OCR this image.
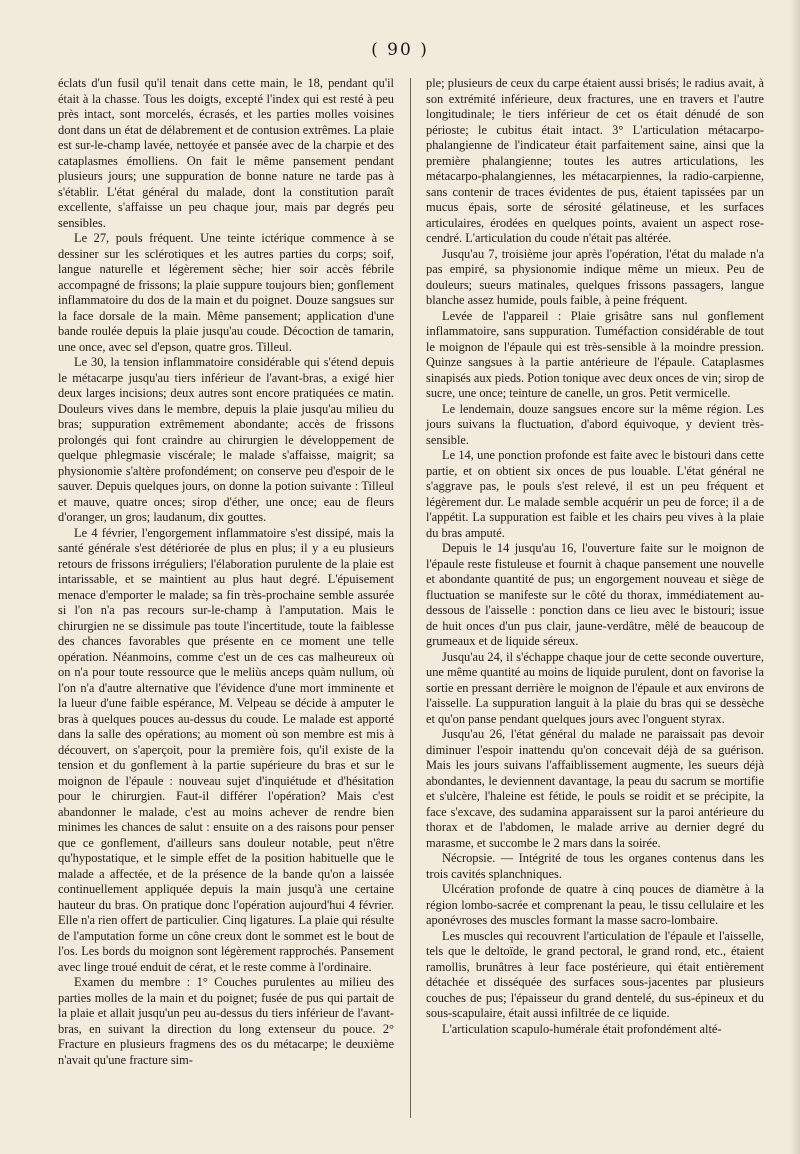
( 90 )

éclats d'un fusil qu'il tenait dans cette main, le 18, pendant qu'il était à la chasse. Tous les doigts, excepté l'index qui est resté à peu près intact, sont morcelés, écrasés, et les parties molles voisines dont dans un état de délabrement et de contusion extrêmes. La plaie est sur-le-champ lavée, nettoyée et pansée avec de la charpie et des cataplasmes émolliens. On fait le même pansement pendant plusieurs jours; une suppuration de bonne nature ne tarde pas à s'établir. L'état général du malade, dont la constitution paraît excellente, s'affaisse un peu chaque jour, mais par degrés peu sensibles.

Le 27, pouls fréquent. Une teinte ictérique commence à se dessiner sur les sclérotiques et les autres parties du corps; soif, langue naturelle et légèrement sèche; hier soir accès fébrile accompagné de frissons; la plaie suppure toujours bien; gonflement inflammatoire du dos de la main et du poignet. Douze sangsues sur la face dorsale de la main. Même pansement; application d'une bande roulée depuis la plaie jusqu'au coude. Décoction de tamarin, une once, avec sel d'epson, quatre gros. Tilleul.

Le 30, la tension inflammatoire considérable qui s'étend depuis le métacarpe jusqu'au tiers inférieur de l'avant-bras, a exigé hier deux larges incisions; deux autres sont encore pratiquées ce matin. Douleurs vives dans le membre, depuis la plaie jusqu'au milieu du bras; suppuration extrêmement abondante; accès de frissons prolongés qui font craindre au chirurgien le développement de quelque phlegmasie viscérale; le malade s'affaisse, maigrit; sa physionomie s'altère profondément; on conserve peu d'espoir de le sauver. Depuis quelques jours, on donne la potion suivante : Tilleul et mauve, quatre onces; sirop d'éther, une once; eau de fleurs d'oranger, un gros; laudanum, dix gouttes.

Le 4 février, l'engorgement inflammatoire s'est dissipé, mais la santé générale s'est détériorée de plus en plus; il y a eu plusieurs retours de frissons irréguliers; l'élaboration purulente de la plaie est intarissable, et se maintient au plus haut degré. L'épuisement menace d'emporter le malade; sa fin très-prochaine semble assurée si l'on n'a pas recours sur-le-champ à l'amputation. Mais le chirurgien ne se dissimule pas toute l'incertitude, toute la faiblesse des chances favorables que présente en ce moment une telle opération. Néanmoins, comme c'est un de ces cas malheureux où on n'a pour toute ressource que le meliùs anceps quàm nullum, où l'on n'a d'autre alternative que l'évidence d'une mort imminente et la lueur d'une faible espérance, M. Velpeau se décide à amputer le bras à quelques pouces au-dessus du coude. Le malade est apporté dans la salle des opérations; au moment où son membre est mis à découvert, on s'aperçoit, pour la première fois, qu'il existe de la tension et du gonflement à la partie supérieure du bras et sur le moignon de l'épaule : nouveau sujet d'inquiétude et d'hésitation pour le chirurgien. Faut-il différer l'opération? Mais c'est abandonner le malade, c'est au moins achever de rendre bien minimes les chances de salut : ensuite on a des raisons pour penser que ce gonflement, d'ailleurs sans douleur notable, peut n'être qu'hypostatique, et le simple effet de la position habituelle que le malade a affectée, et de la présence de la bande qu'on a laissée continuellement appliquée depuis la main jusqu'à une certaine hauteur du bras. On pratique donc l'opération aujourd'hui 4 février. Elle n'a rien offert de particulier. Cinq ligatures. La plaie qui résulte de l'amputation forme un cône creux dont le sommet est le bout de l'os. Les bords du moignon sont légèrement rapprochés. Pansement avec linge troué enduit de cérat, et le reste comme à l'ordinaire.

Examen du membre : 1° Couches purulentes au milieu des parties molles de la main et du poignet; fusée de pus qui partait de la plaie et allait jusqu'un peu au-dessus du tiers inférieur de l'avant-bras, en suivant la direction du long extenseur du pouce. 2° Fracture en plusieurs fragmens des os du métacarpe; le deuxième n'avait qu'une fracture sim-

ple; plusieurs de ceux du carpe étaient aussi brisés; le radius avait, à son extrémité inférieure, deux fractures, une en travers et l'autre longitudinale; le tiers inférieur de cet os était dénudé de son périoste; le cubitus était intact. 3° L'articulation métacarpo-phalangienne de l'indicateur était parfaitement saine, ainsi que la première phalangienne; toutes les autres articulations, les métacarpo-phalangiennes, les métacarpiennes, la radio-carpienne, sans contenir de traces évidentes de pus, étaient tapissées par un mucus épais, sorte de sérosité gélatineuse, et les surfaces articulaires, érodées en quelques points, avaient un aspect rose-cendré. L'articulation du coude n'était pas altérée.

Jusqu'au 7, troisième jour après l'opération, l'état du malade n'a pas empiré, sa physionomie indique même un mieux. Peu de douleurs; sueurs matinales, quelques frissons passagers, langue blanche assez humide, pouls faible, à peine fréquent.

Levée de l'appareil : Plaie grisâtre sans nul gonflement inflammatoire, sans suppuration. Tuméfaction considérable de tout le moignon de l'épaule qui est très-sensible à la moindre pression. Quinze sangsues à la partie antérieure de l'épaule. Cataplasmes sinapisés aux pieds. Potion tonique avec deux onces de vin; sirop de sucre, une once; teinture de canelle, un gros. Petit vermicelle.

Le lendemain, douze sangsues encore sur la même région. Les jours suivans la fluctuation, d'abord équivoque, y devient très-sensible.

Le 14, une ponction profonde est faite avec le bistouri dans cette partie, et on obtient six onces de pus louable. L'état général ne s'aggrave pas, le pouls s'est relevé, il est un peu fréquent et légèrement dur. Le malade semble acquérir un peu de force; il a de l'appétit. La suppuration est faible et les chairs peu vives à la plaie du bras amputé.

Depuis le 14 jusqu'au 16, l'ouverture faite sur le moignon de l'épaule reste fistuleuse et fournit à chaque pansement une nouvelle et abondante quantité de pus; un engorgement nouveau et siège de fluctuation se manifeste sur le côté du thorax, immédiatement au-dessous de l'aisselle : ponction dans ce lieu avec le bistouri; issue de huit onces d'un pus clair, jaune-verdâtre, mêlé de beaucoup de grumeaux et de liquide séreux.

Jusqu'au 24, il s'échappe chaque jour de cette seconde ouverture, une même quantité au moins de liquide purulent, dont on favorise la sortie en pressant derrière le moignon de l'épaule et aux environs de l'aisselle. La suppuration languit à la plaie du bras qui se dessèche et qu'on panse pendant quelques jours avec l'onguent styrax.

Jusqu'au 26, l'état général du malade ne paraissait pas devoir diminuer l'espoir inattendu qu'on concevait déjà de sa guérison. Mais les jours suivans l'affaiblissement augmente, les sueurs déjà abondantes, le deviennent davantage, la peau du sacrum se mortifie et s'ulcère, l'haleine est fétide, le pouls se roidit et se précipite, la face s'excave, des sudamina apparaissent sur la paroi antérieure du thorax et de l'abdomen, le malade arrive au dernier degré du marasme, et succombe le 2 mars dans la soirée.

Nécropsie. — Intégrité de tous les organes contenus dans les trois cavités splanchniques.

Ulcération profonde de quatre à cinq pouces de diamètre à la région lombo-sacrée et comprenant la peau, le tissu cellulaire et les aponévroses des muscles formant la masse sacro-lombaire.

Les muscles qui recouvrent l'articulation de l'épaule et l'aisselle, tels que le deltoïde, le grand pectoral, le grand rond, etc., étaient ramollis, brunâtres à leur face postérieure, qui était entièrement détachée et disséquée des surfaces sous-jacentes par plusieurs couches de pus; l'épaisseur du grand dentelé, du sus-épineux et du sous-scapulaire, était aussi infiltrée de ce liquide.

L'articulation scapulo-humérale était profondément alté-
